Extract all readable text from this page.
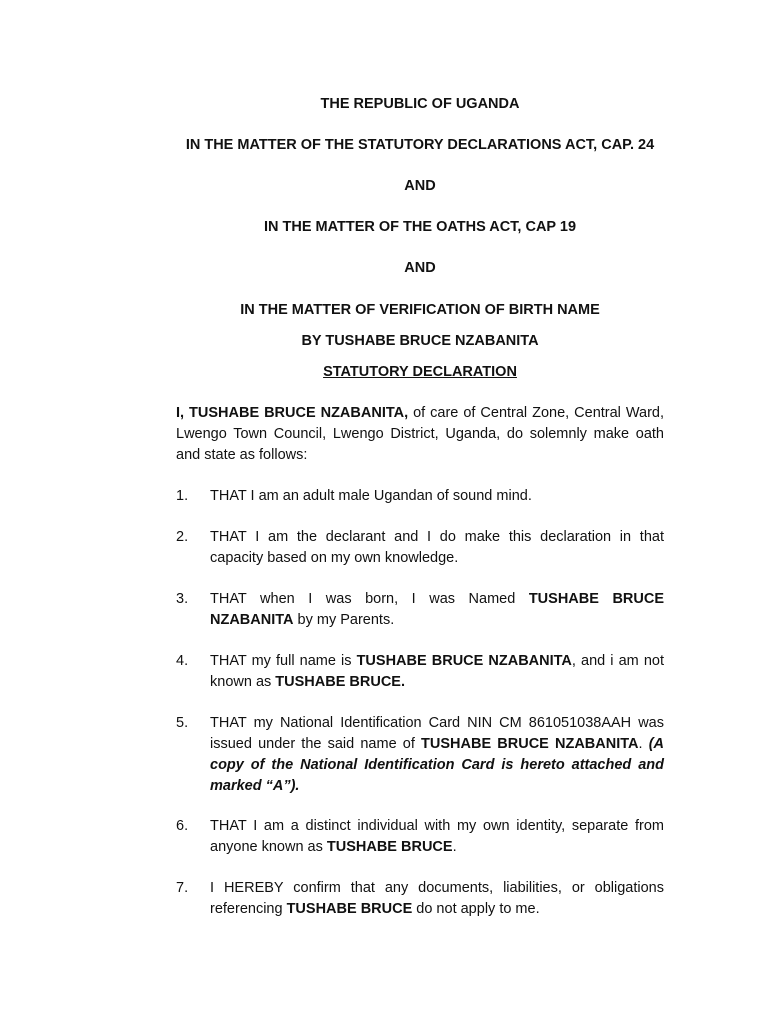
THE REPUBLIC OF UGANDA
IN THE MATTER OF THE STATUTORY DECLARATIONS ACT, CAP. 24
AND
IN THE MATTER OF THE OATHS ACT, CAP 19
AND
IN THE MATTER OF VERIFICATION OF BIRTH NAME
BY TUSHABE BRUCE NZABANITA
STATUTORY DECLARATION
I, TUSHABE BRUCE NZABANITA, of care of Central Zone, Central Ward, Lwengo Town Council, Lwengo District, Uganda, do solemnly make oath and state as follows:
1.	THAT I am an adult male Ugandan of sound mind.
2.	THAT I am the declarant and I do make this declaration in that capacity based on my own knowledge.
3.	THAT when I was born, I was Named TUSHABE BRUCE NZABANITA by my Parents.
4.	THAT my full name is TUSHABE BRUCE NZABANITA, and i am not known as TUSHABE BRUCE.
5.	THAT my National Identification Card NIN CM 861051038AAH was issued under the said name of TUSHABE BRUCE NZABANITA. (A copy of the National Identification Card is hereto attached and marked “A”).
6.	THAT I am a distinct individual with my own identity, separate from anyone known as TUSHABE BRUCE.
7.	I HEREBY confirm that any documents, liabilities, or obligations referencing TUSHABE BRUCE do not apply to me.
